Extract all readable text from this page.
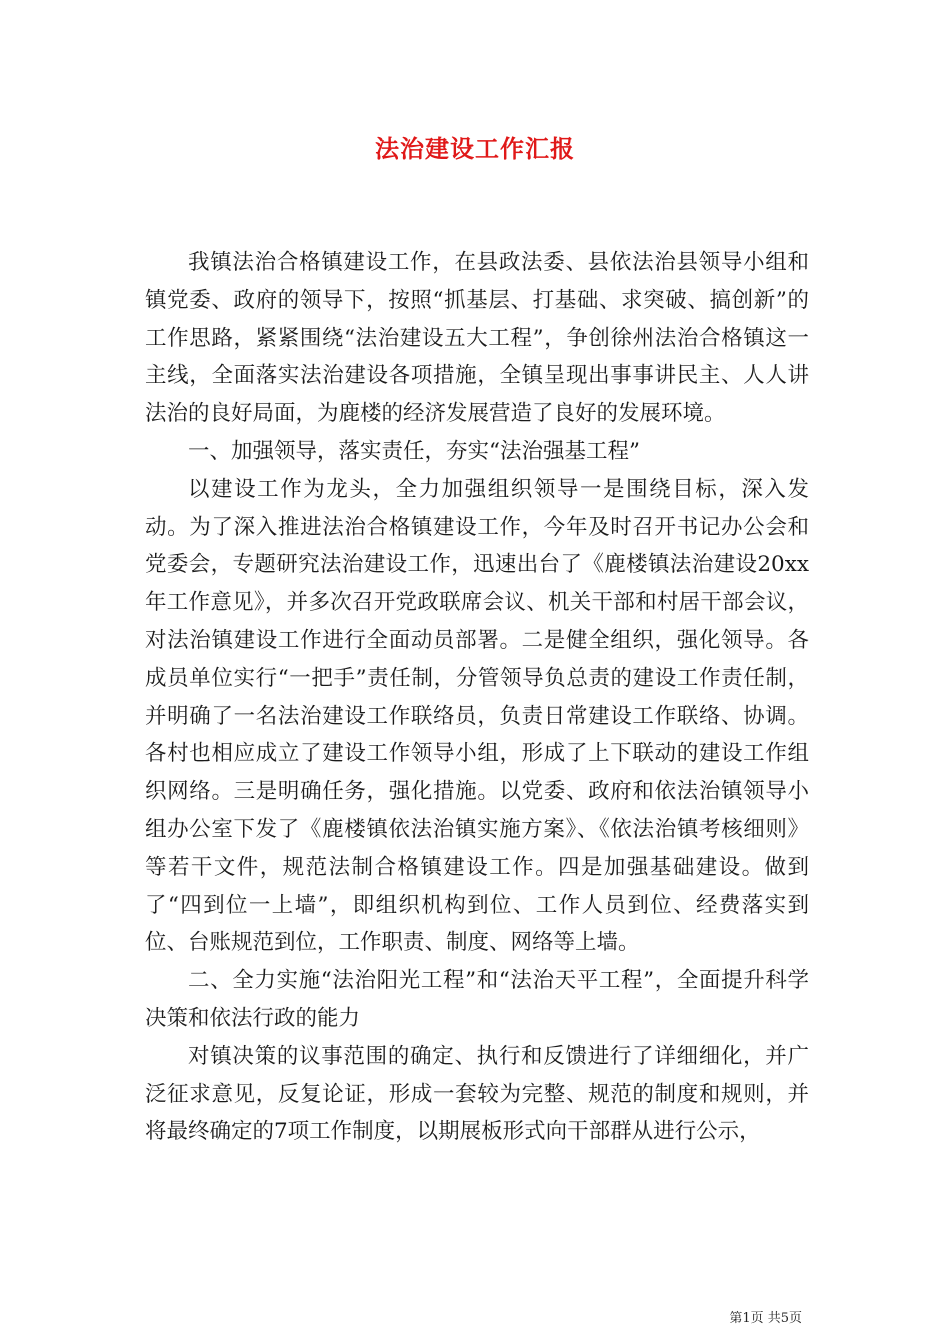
法治建设工作汇报

我镇法治合格镇建设工作，在县政法委、县依法治县领导小组和镇党委、政府的领导下，按照“抓基层、打基础、求突破、搞创新”的工作思路，紧紧围绕“法治建设五大工程”，争创徐州法治合格镇这一主线，全面落实法治建设各项措施，全镇呈现出事事讲民主、人人讲法治的良好局面，为鹿楼的经济发展营造了良好的发展环境。

一、加强领导，落实责任，夯实“法治强基工程”

以建设工作为龙头，全力加强组织领导一是围绕目标，深入发动。为了深入推进法治合格镇建设工作，今年及时召开书记办公会和党委会，专题研究法治建设工作，迅速出台了《鹿楼镇法治建设20xx年工作意见》，并多次召开党政联席会议、机关干部和村居干部会议，对法治镇建设工作进行全面动员部署。二是健全组织，强化领导。各成员单位实行“一把手”责任制，分管领导负总责的建设工作责任制，并明确了一名法治建设工作联络员，负责日常建设工作联络、协调。各村也相应成立了建设工作领导小组，形成了上下联动的建设工作组织网络。三是明确任务，强化措施。以党委、政府和依法治镇领导小组办公室下发了《鹿楼镇依法治镇实施方案》、《依法治镇考核细则》等若干文件，规范法制合格镇建设工作。四是加强基础建设。做到了“四到位一上墙”，即组织机构到位、工作人员到位、经费落实到位、台账规范到位，工作职责、制度、网络等上墙。

二、全力实施“法治阳光工程”和“法治天平工程”，全面提升科学决策和依法行政的能力

对镇决策的议事范围的确定、执行和反馈进行了详细细化，并广泛征求意见，反复论证，形成一套较为完整、规范的制度和规则，并将最终确定的7项工作制度，以期展板形式向干部群从进行公示，

第1页 共5页
